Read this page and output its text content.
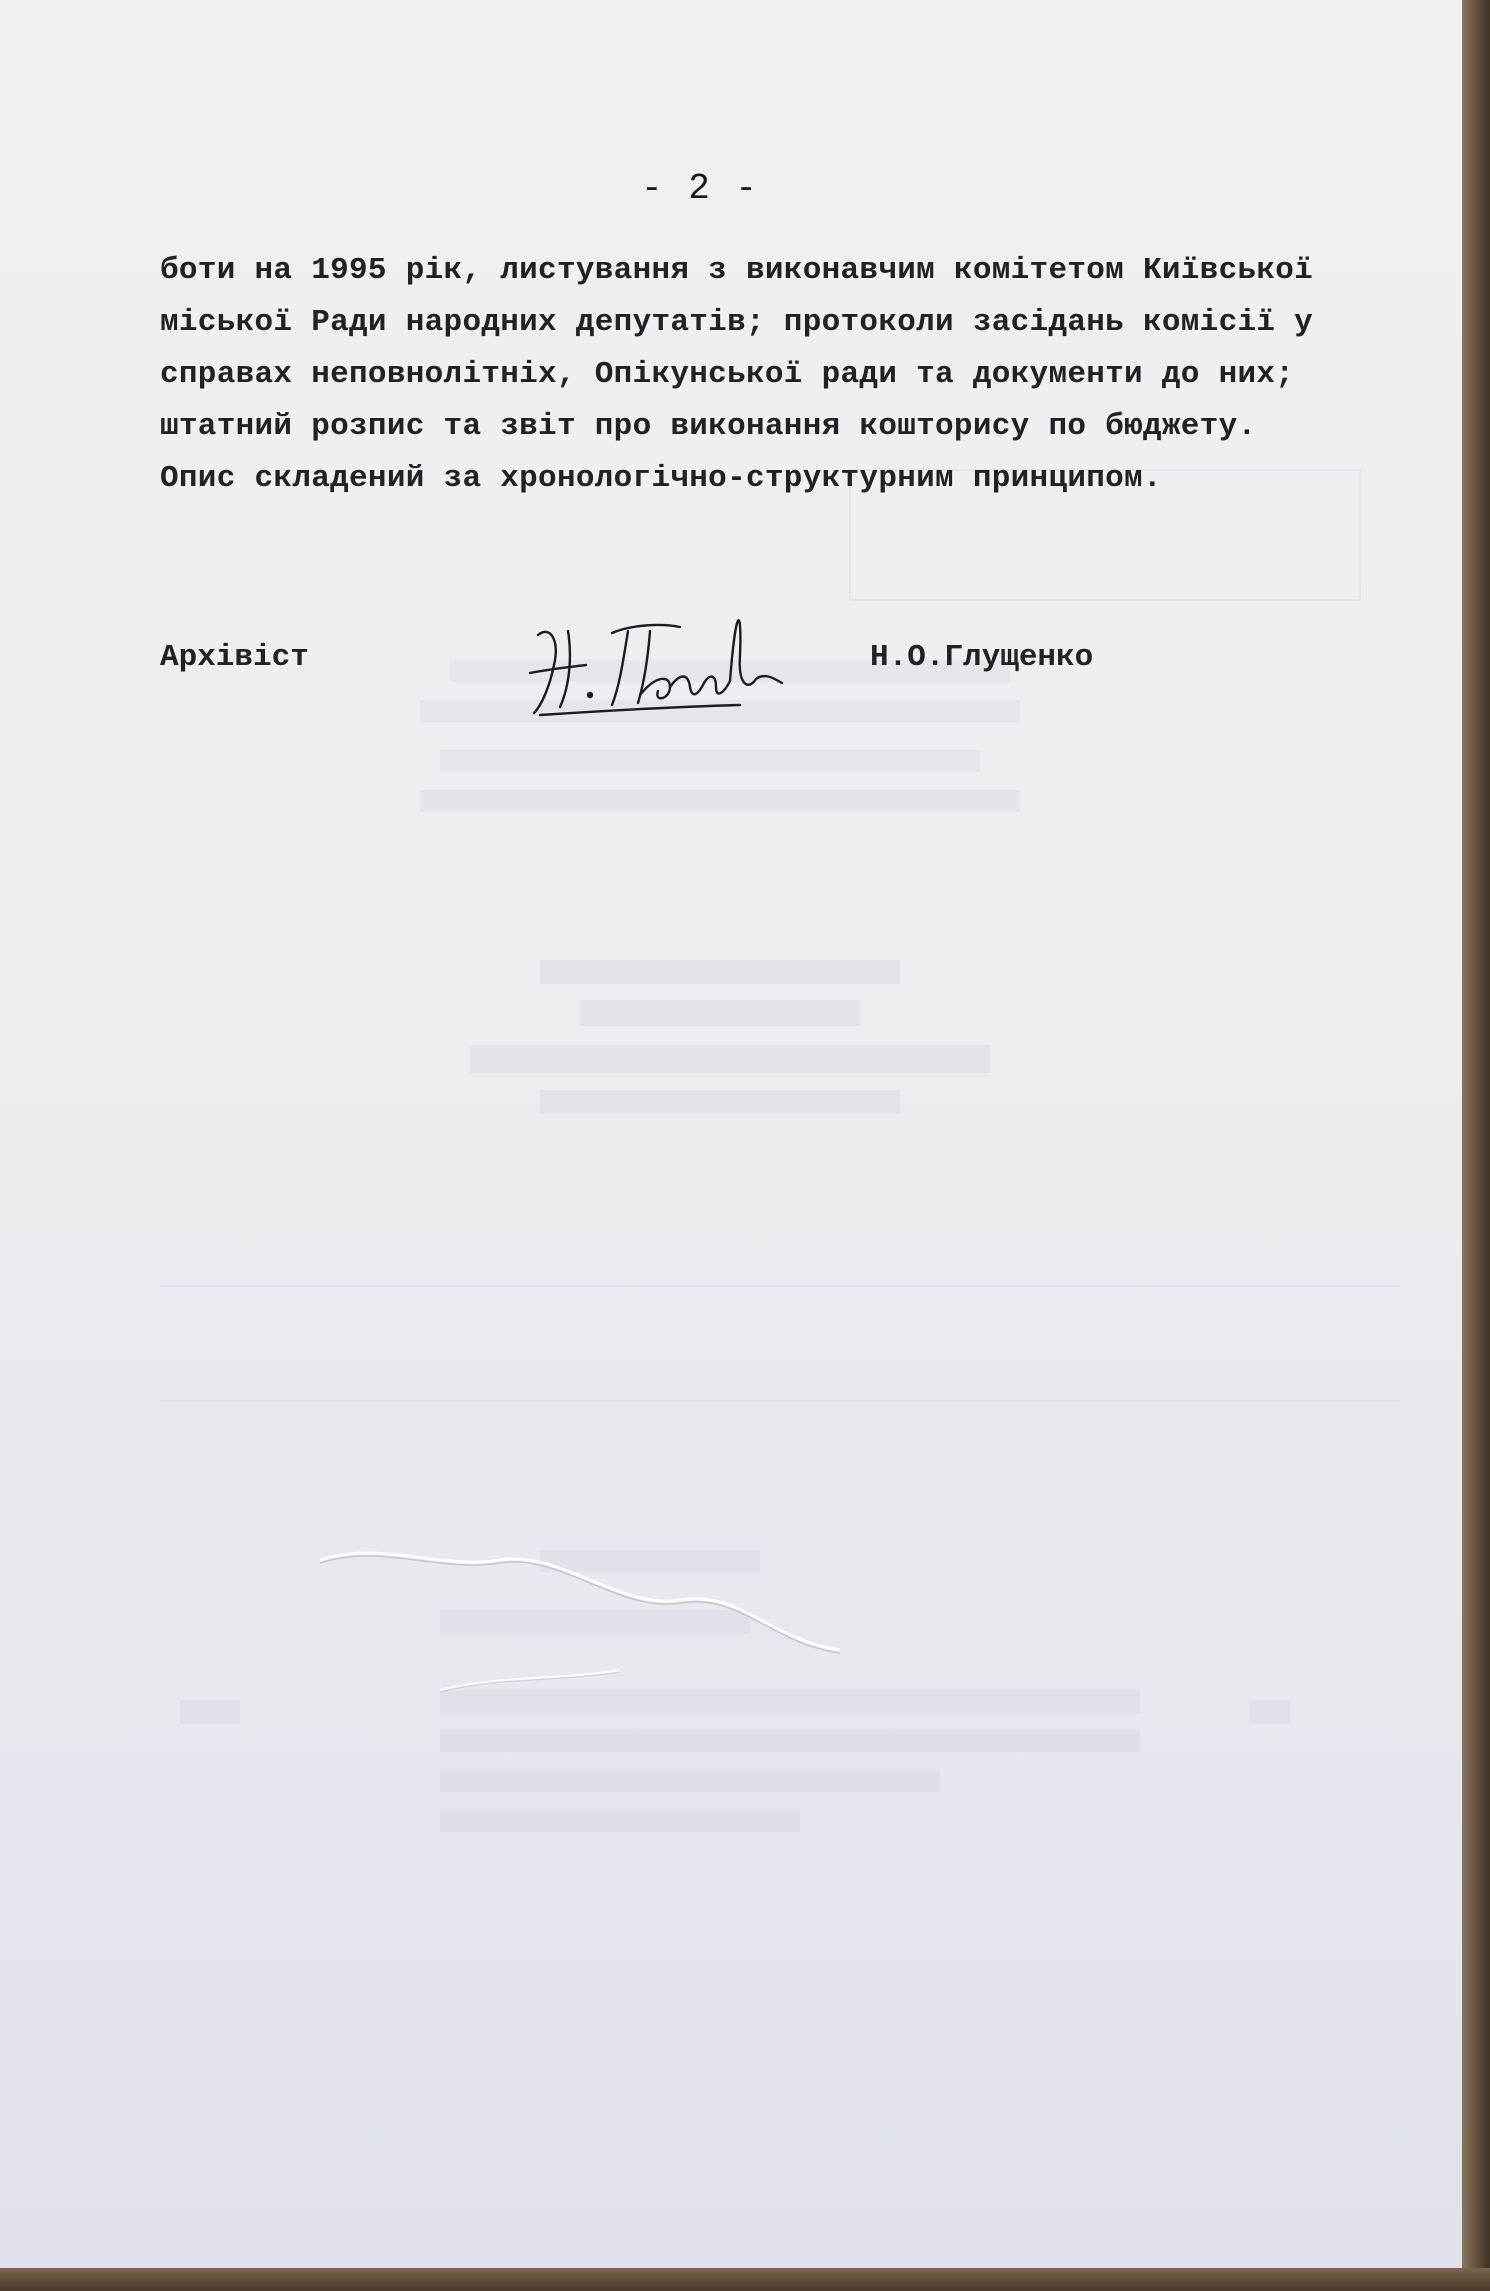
- 2 -
боти на 1995 рік, листування з виконавчим комітетом Київської
міської Ради народних депутатів; протоколи засідань комісії у
справах неповнолітніх, Опікунської ради та документи до них;
штатний розпис та звіт про виконання кошторису по бюджету.
Опис складений за хронологічно-структурним принципом.
Архівіст	Н.О.Глущенко
